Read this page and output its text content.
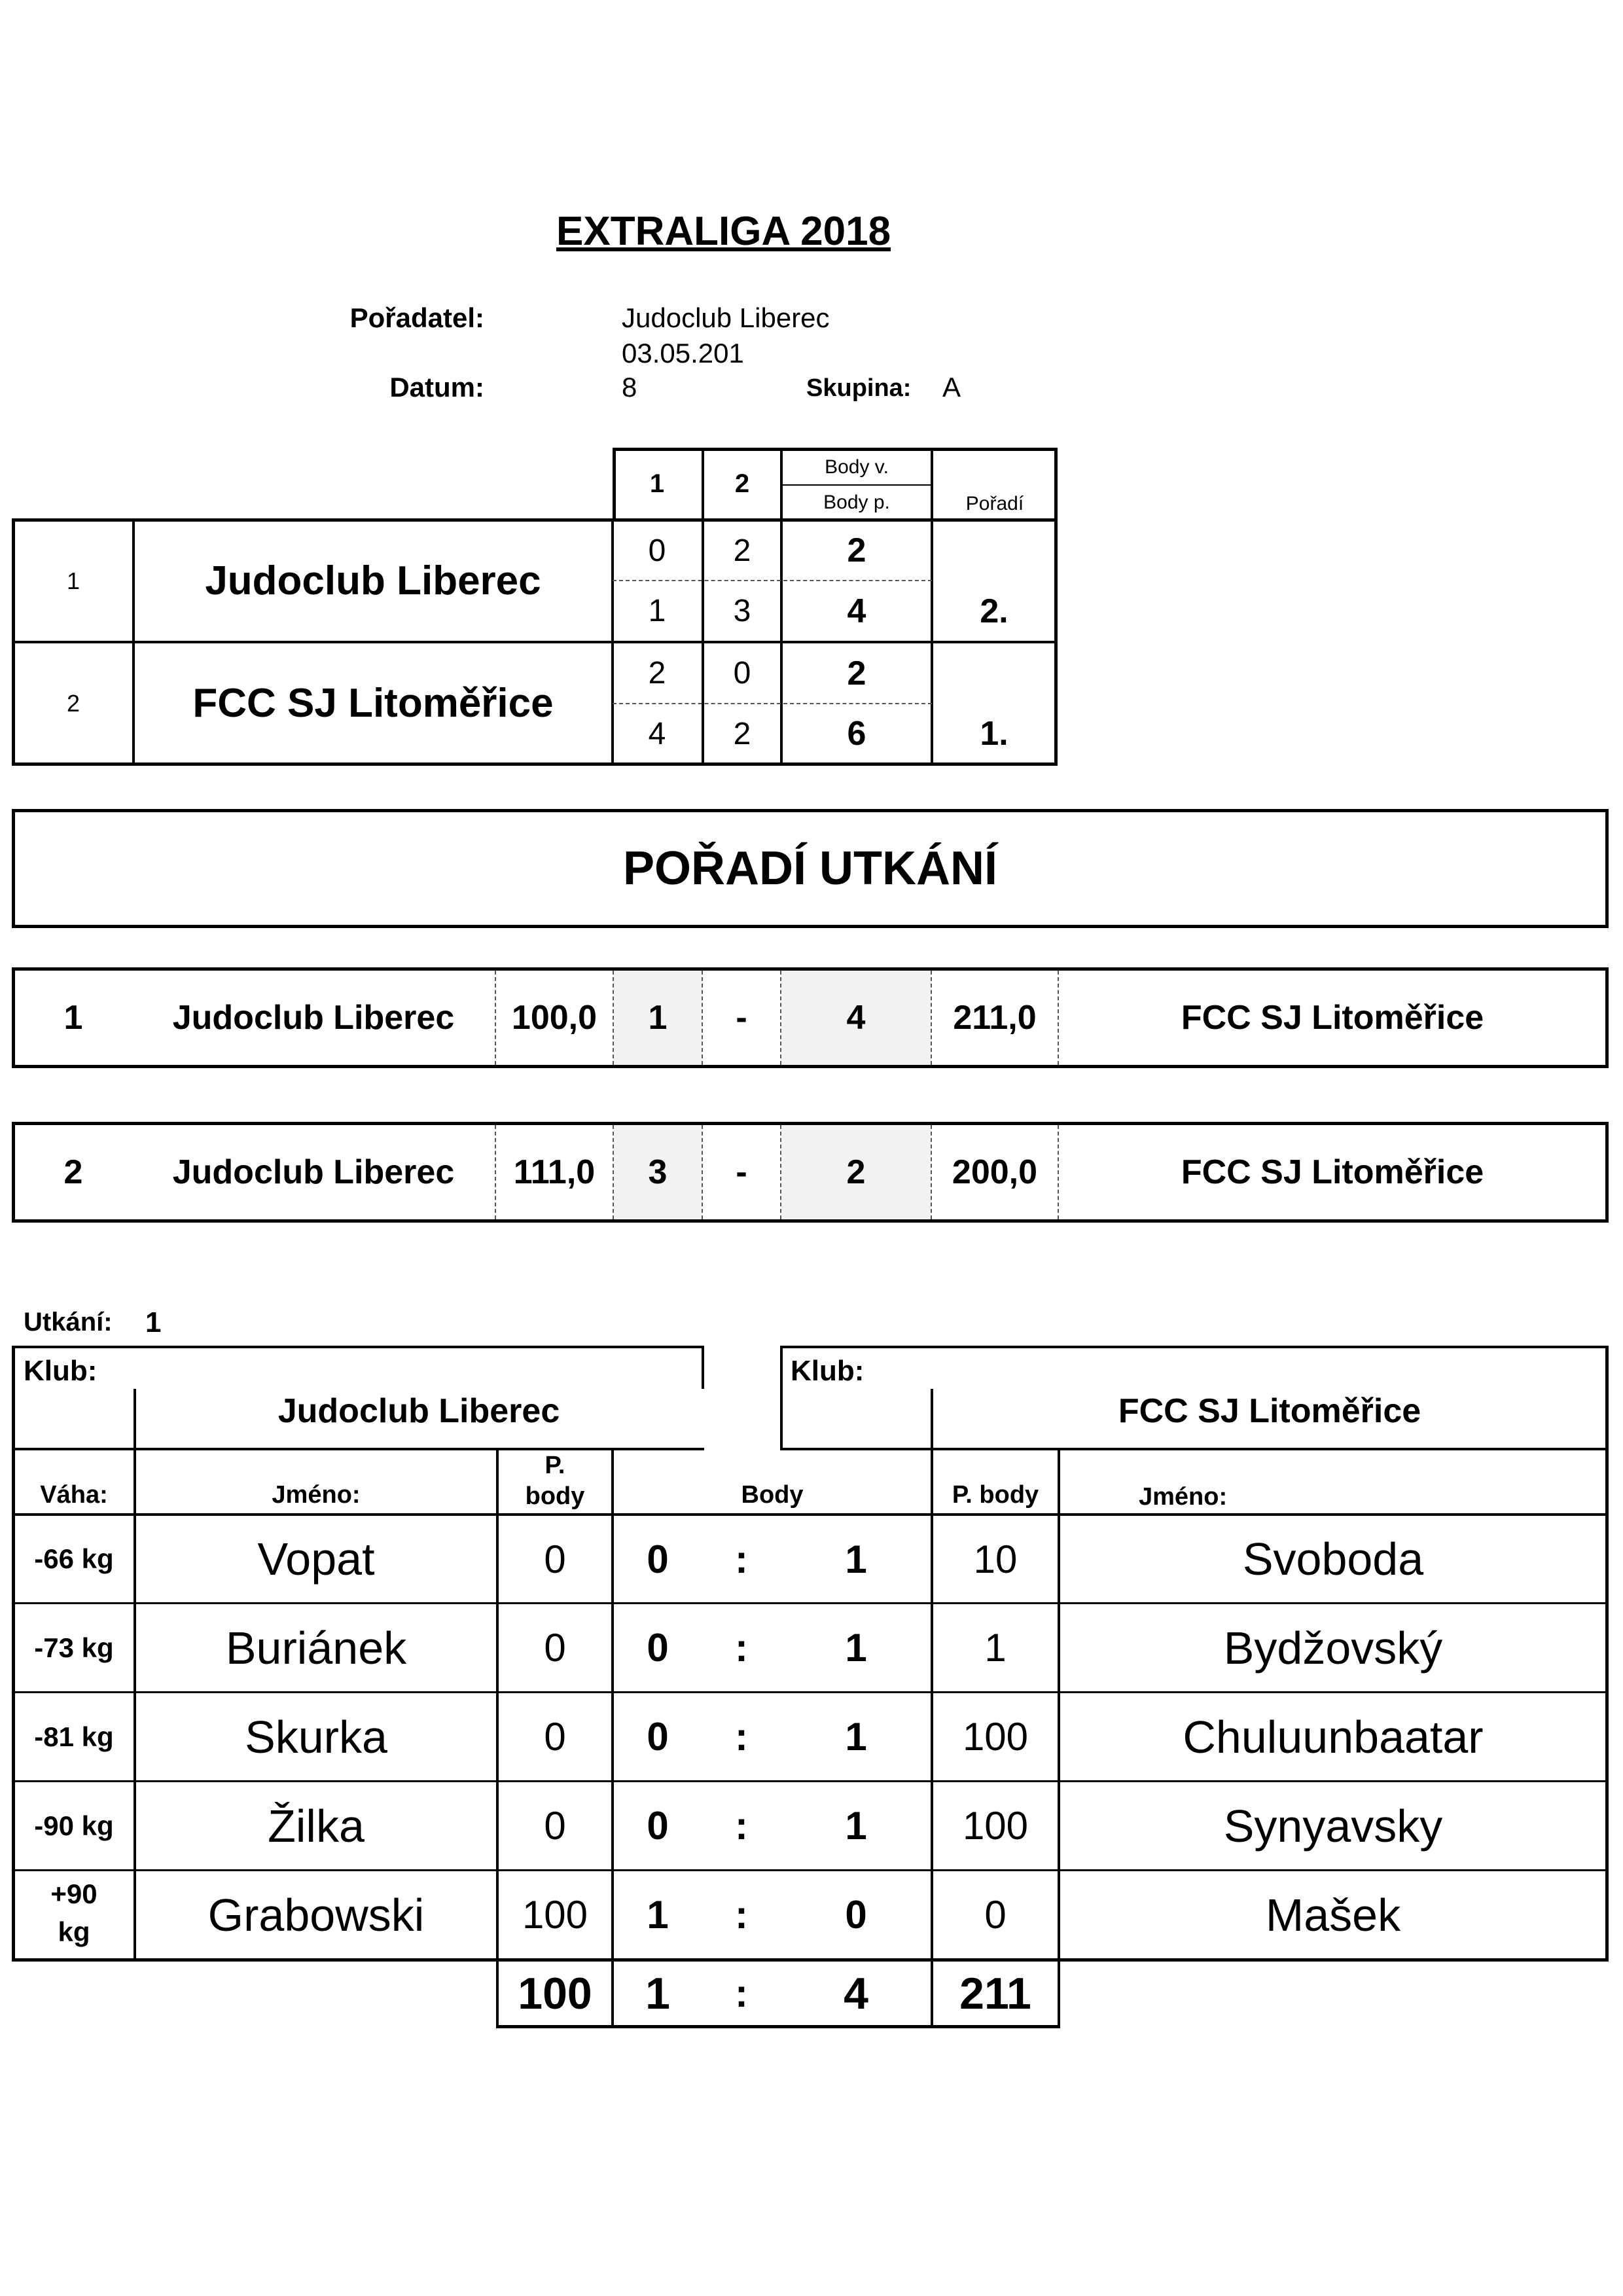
EXTRALIGA 2018
Pořadatel:	Judoclub Liberec
03.05.201
Datum:	8	Skupina: A
1	2
Body v.
Body p.	Pořadí
1	Judoclub Liberec
0	2	2
1	3	4	2.
2	FCC SJ Litoměřice
2	0	2
4	2	6	1.
POŘADÍ UTKÁNÍ
1	Judoclub Liberec	100,0	1	-	4	211,0	FCC SJ Litoměřice
2	Judoclub Liberec	111,0	3	-	2	200,0	FCC SJ Litoměřice
Utkání: 1
Klub:
Judoclub Liberec
Klub:
FCC SJ Litoměřice
Váha:	Jméno:
P.
body	Body	P. body	Jméno:
-66 kg	Vopat	0	0	:	1	10	Svoboda
-73 kg	Buriánek	0	0	:	1	1	Bydžovský
-81 kg	Skurka	0	0	:	1	100	Chuluunbaatar
-90 kg	Žilka	0	0	:	1	100	Synyavsky
+90
kg	Grabowski	100	1	:	0	0	Mašek
100	1	:	4	211
